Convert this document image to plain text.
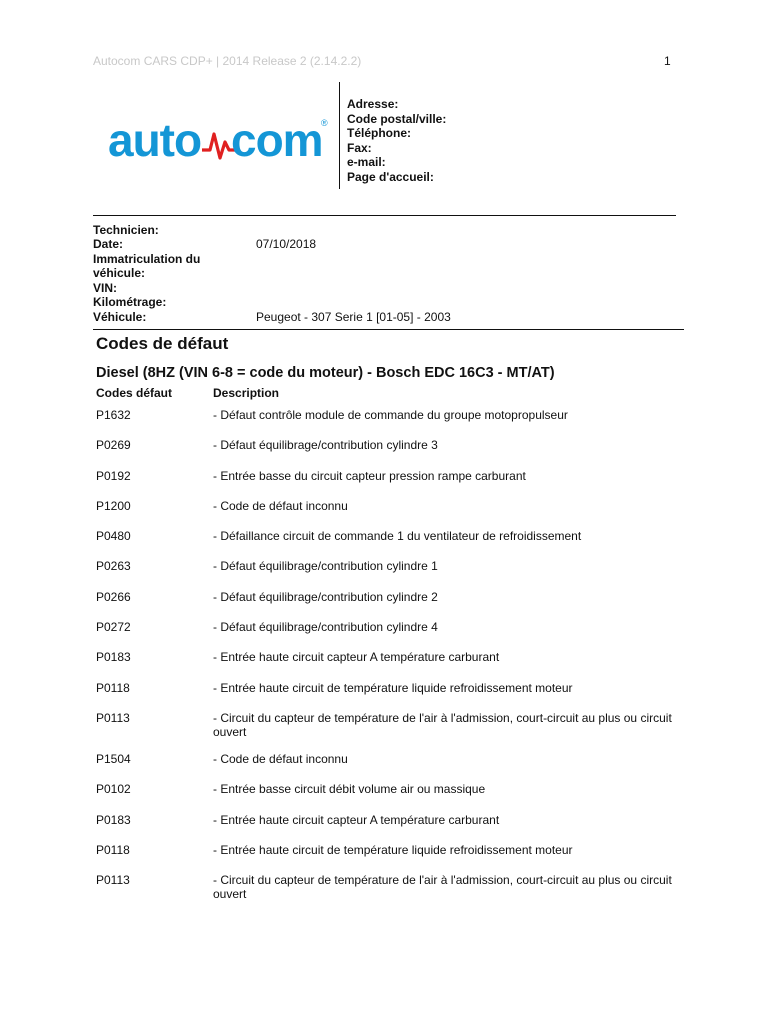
Autocom CARS CDP+ | 2014 Release 2 (2.14.2.2)	1
auto com
®
Adresse:
Code postal/ville:
Téléphone:
Fax:
e-mail:
Page d'accueil:
Technicien:
Date:	07/10/2018
Immatriculation du
véhicule:
VIN:
Kilométrage:
Véhicule:	Peugeot - 307 Serie 1 [01-05] - 2003
Codes de défaut
Diesel (8HZ (VIN 6-8 = code du moteur) - Bosch EDC 16C3 - MT/AT)
Codes défaut	Description
P1632	- Défaut contrôle module de commande du groupe motopropulseur
P0269	- Défaut équilibrage/contribution cylindre 3
P0192	- Entrée basse du circuit capteur pression rampe carburant
P1200	- Code de défaut inconnu
P0480	- Défaillance circuit de commande 1 du ventilateur de refroidissement
P0263	- Défaut équilibrage/contribution cylindre 1
P0266	- Défaut équilibrage/contribution cylindre 2
P0272	- Défaut équilibrage/contribution cylindre 4
P0183	- Entrée haute circuit capteur A température carburant
P0118	- Entrée haute circuit de température liquide refroidissement moteur
P0113	- Circuit du capteur de température de l'air à l'admission, court-circuit au plus ou circuit ouvert
P1504	- Code de défaut inconnu
P0102	- Entrée basse circuit débit volume air ou massique
P0183	- Entrée haute circuit capteur A température carburant
P0118	- Entrée haute circuit de température liquide refroidissement moteur
P0113	- Circuit du capteur de température de l'air à l'admission, court-circuit au plus ou circuit ouvert
